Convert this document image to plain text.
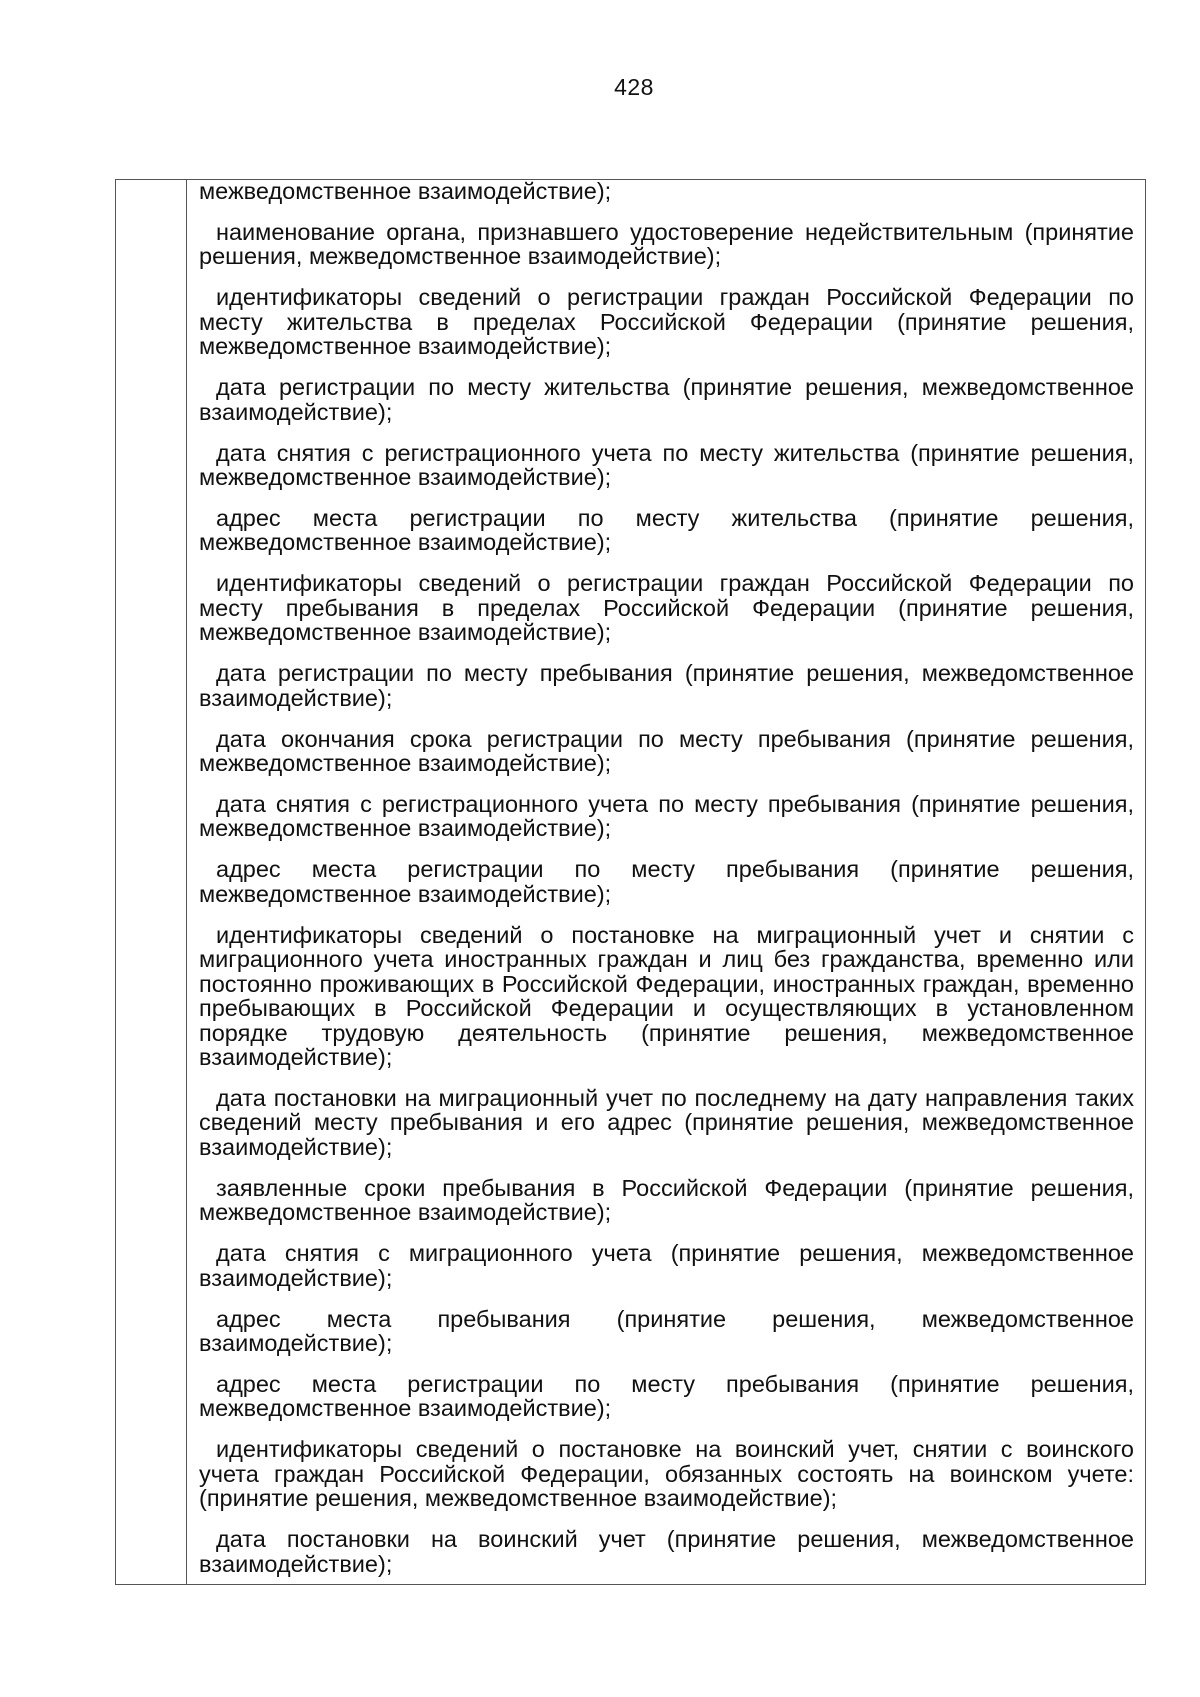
428

межведомственное взаимодействие);

наименование органа, признавшего удостоверение недействительным (принятие решения, межведомственное взаимодействие);

идентификаторы сведений о регистрации граждан Российской Федерации по месту жительства в пределах Российской Федерации (принятие решения, межведомственное взаимодействие);

дата регистрации по месту жительства (принятие решения, межведомственное взаимодействие);

дата снятия с регистрационного учета по месту жительства (принятие решения, межведомственное взаимодействие);

адрес места регистрации по месту жительства (принятие решения, межведомственное взаимодействие);

идентификаторы сведений о регистрации граждан Российской Федерации по месту пребывания в пределах Российской Федерации (принятие решения, межведомственное взаимодействие);

дата регистрации по месту пребывания (принятие решения, межведомственное взаимодействие);

дата окончания срока регистрации по месту пребывания (принятие решения, межведомственное взаимодействие);

дата снятия с регистрационного учета по месту пребывания (принятие решения, межведомственное взаимодействие);

адрес места регистрации по месту пребывания (принятие решения, межведомственное взаимодействие);

идентификаторы сведений о постановке на миграционный учет и снятии с миграционного учета иностранных граждан и лиц без гражданства, временно или постоянно проживающих в Российской Федерации, иностранных граждан, временно пребывающих в Российской Федерации и осуществляющих в установленном порядке трудовую деятельность (принятие решения, межведомственное взаимодействие);

дата постановки на миграционный учет по последнему на дату направления таких сведений месту пребывания и его адрес (принятие решения, межведомственное взаимодействие);

заявленные сроки пребывания в Российской Федерации (принятие решения, межведомственное взаимодействие);

дата снятия с миграционного учета (принятие решения, межведомственное взаимодействие);

адрес места пребывания (принятие решения, межведомственное взаимодействие);

адрес места регистрации по месту пребывания (принятие решения, межведомственное взаимодействие);

идентификаторы сведений о постановке на воинский учет, снятии с воинского учета граждан Российской Федерации, обязанных состоять на воинском учете: (принятие решения, межведомственное взаимодействие);

дата постановки на воинский учет (принятие решения, межведомственное взаимодействие);
